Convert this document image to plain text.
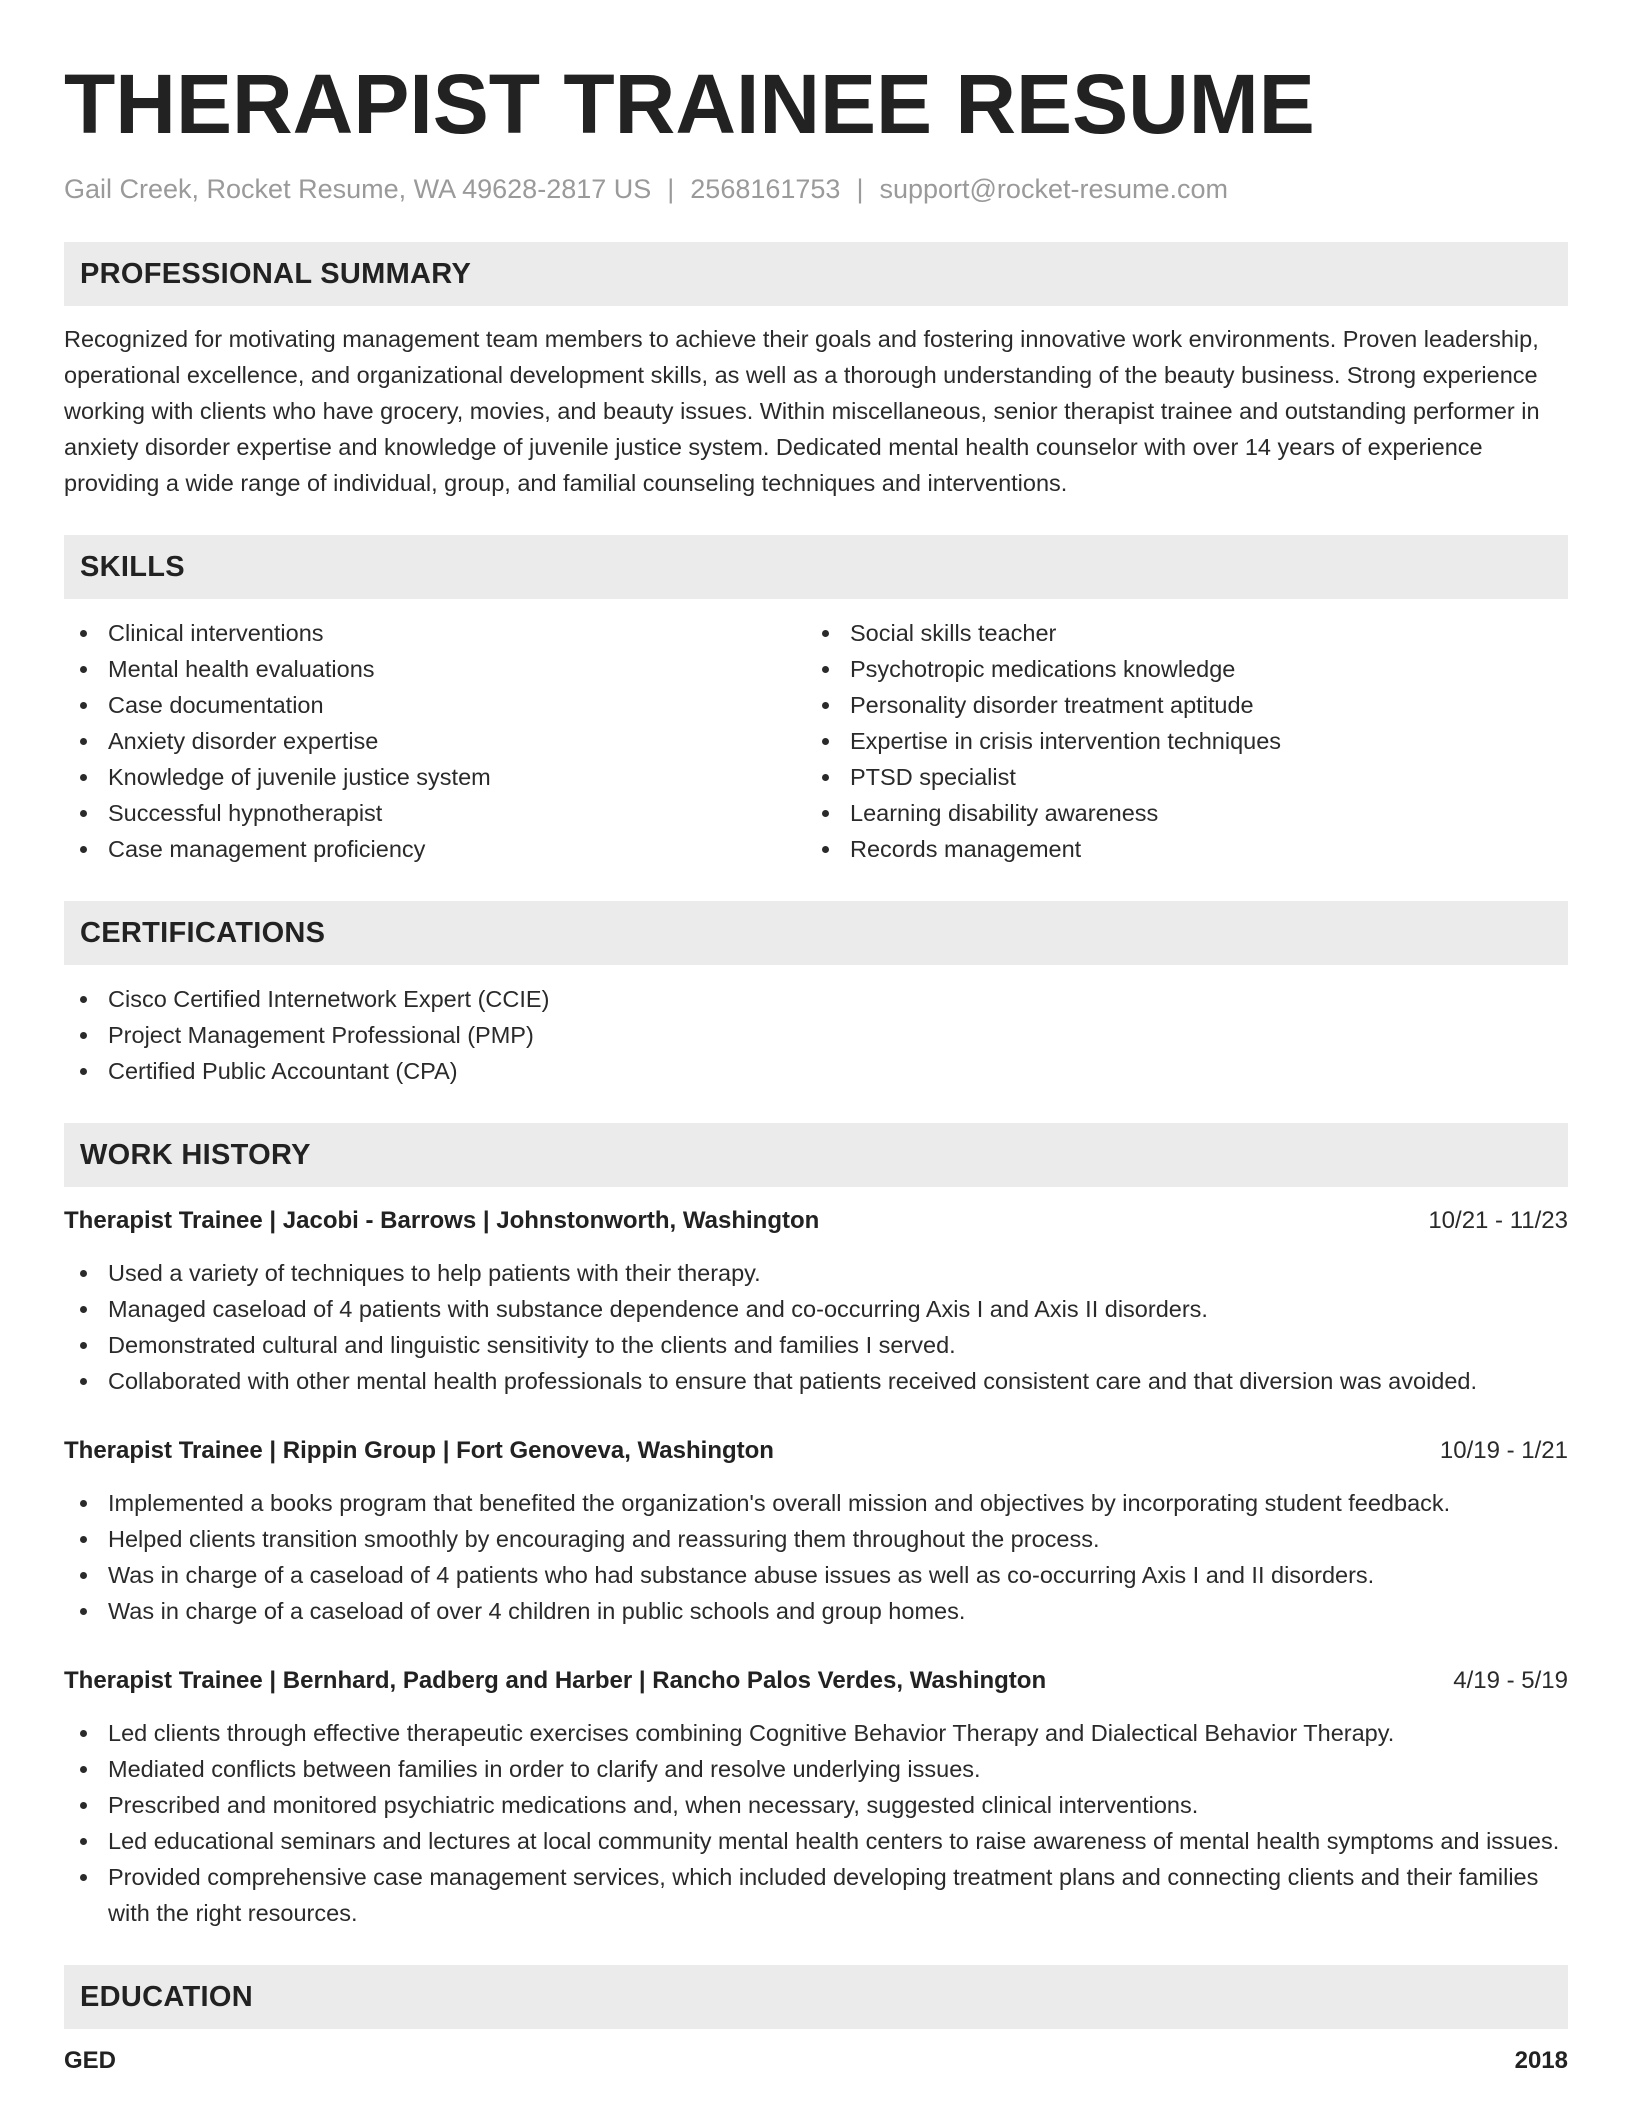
THERAPIST TRAINEE RESUME
Gail Creek, Rocket Resume, WA 49628-2817 US | 2568161753 | support@rocket-resume.com
PROFESSIONAL SUMMARY

Recognized for motivating management team members to achieve their goals and fostering innovative work environments. Proven leadership, operational excellence, and organizational development skills, as well as a thorough understanding of the beauty business. Strong experience working with clients who have grocery, movies, and beauty issues. Within miscellaneous, senior therapist trainee and outstanding performer in anxiety disorder expertise and knowledge of juvenile justice system. Dedicated mental health counselor with over 14 years of experience providing a wide range of individual, group, and familial counseling techniques and interventions.

SKILLS
Clinical interventions
Mental health evaluations
Case documentation
Anxiety disorder expertise
Knowledge of juvenile justice system
Successful hypnotherapist
Case management proficiency
Social skills teacher
Psychotropic medications knowledge
Personality disorder treatment aptitude
Expertise in crisis intervention techniques
PTSD specialist
Learning disability awareness
Records management
CERTIFICATIONS
Cisco Certified Internetwork Expert (CCIE)
Project Management Professional (PMP)
Certified Public Accountant (CPA)
WORK HISTORY
Therapist Trainee | Jacobi - Barrows | Johnstonworth, Washington	10/21 - 11/23
Used a variety of techniques to help patients with their therapy.
Managed caseload of 4 patients with substance dependence and co-occurring Axis I and Axis II disorders.
Demonstrated cultural and linguistic sensitivity to the clients and families I served.
Collaborated with other mental health professionals to ensure that patients received consistent care and that diversion was avoided.
Therapist Trainee | Rippin Group | Fort Genoveva, Washington	10/19 - 1/21
Implemented a books program that benefited the organization's overall mission and objectives by incorporating student feedback.
Helped clients transition smoothly by encouraging and reassuring them throughout the process.
Was in charge of a caseload of 4 patients who had substance abuse issues as well as co-occurring Axis I and II disorders.
Was in charge of a caseload of over 4 children in public schools and group homes.
Therapist Trainee | Bernhard, Padberg and Harber | Rancho Palos Verdes, Washington	4/19 - 5/19
Led clients through effective therapeutic exercises combining Cognitive Behavior Therapy and Dialectical Behavior Therapy.
Mediated conflicts between families in order to clarify and resolve underlying issues.
Prescribed and monitored psychiatric medications and, when necessary, suggested clinical interventions.
Led educational seminars and lectures at local community mental health centers to raise awareness of mental health symptoms and issues.
Provided comprehensive case management services, which included developing treatment plans and connecting clients and their families with the right resources.
EDUCATION
GED	2018
